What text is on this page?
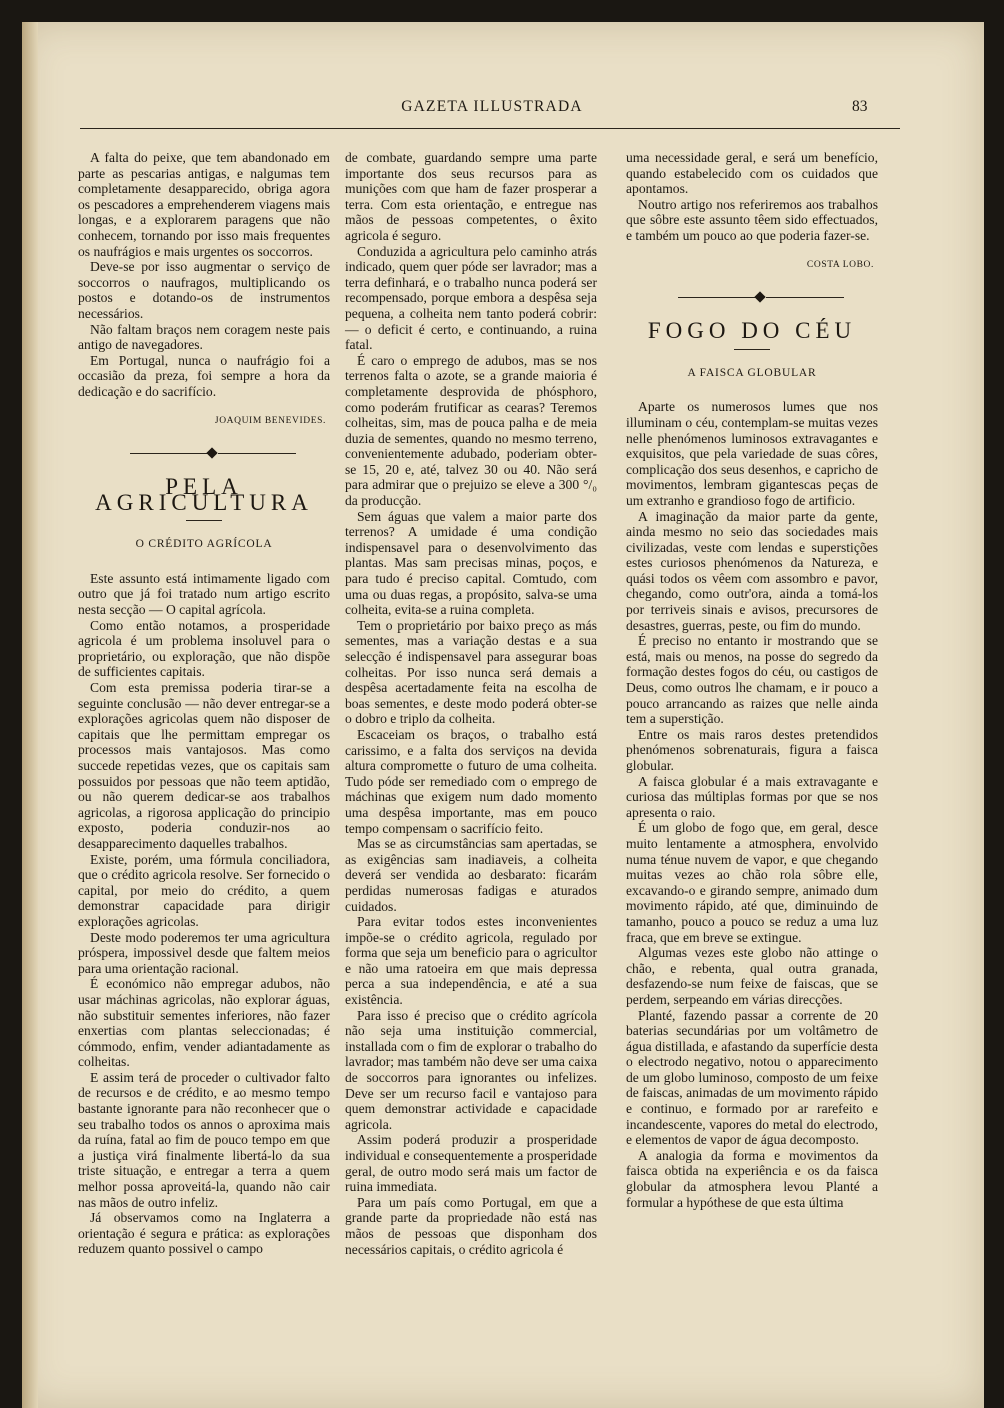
GAZETA ILLUSTRADA	83

A falta do peixe, que tem abandonado em parte as pescarias antigas, e nalgumas tem completamente desapparecido, obriga agora os pescadores a emprehenderem viagens mais longas, e a explorarem paragens que não conhecem, tornando por isso mais frequentes os naufrágios e mais urgentes os soccorros.

Deve-se por isso augmentar o serviço de soccorros o naufragos, multiplicando os postos e dotando-os de instrumentos necessários.

Não faltam braços nem coragem neste pais antigo de navegadores.

Em Portugal, nunca o naufrágio foi a occasião da preza, foi sempre a hora da dedicação e do sacrifício.

JOAQUIM BENEVIDES.
PELA AGRICULTURA
O CRÉDITO AGRÍCOLA

Este assunto está intimamente ligado com outro que já foi tratado num artigo escrito nesta secção — O capital agrícola.

Como então notamos, a prosperidade agricola é um problema insoluvel para o proprietário, ou exploração, que não dispõe de sufficientes capitais.

Com esta premissa poderia tirar-se a seguinte conclusão — não dever entregar-se a explorações agricolas quem não disposer de capitais que lhe permittam empregar os processos mais vantajosos. Mas como succede repetidas vezes, que os capitais sam possuidos por pessoas que não teem aptidão, ou não querem dedicar-se aos trabalhos agricolas, a rigorosa applicação do principio exposto, poderia conduzir-nos ao desapparecimento daquelles trabalhos.

Existe, porém, uma fórmula conciliadora, que o crédito agricola resolve. Ser fornecido o capital, por meio do crédito, a quem demonstrar capacidade para dirigir explorações agricolas.

Deste modo poderemos ter uma agricultura próspera, impossivel desde que faltem meios para uma orientação racional.

É económico não empregar adubos, não usar máchinas agricolas, não explorar águas, não substituir sementes inferiores, não fazer enxertias com plantas seleccionadas; é cómmodo, enfim, vender adiantadamente as colheitas.

E assim terá de proceder o cultivador falto de recursos e de crédito, e ao mesmo tempo bastante ignorante para não reconhecer que o seu trabalho todos os annos o aproxima mais da ruína, fatal ao fim de pouco tempo em que a justiça virá finalmente libertá-lo da sua triste situação, e entregar a terra a quem melhor possa aproveitá-la, quando não cair nas mãos de outro infeliz.

Já observamos como na Inglaterra a orientação é segura e prática: as explorações reduzem quanto possivel o campo

de combate, guardando sempre uma parte importante dos seus recursos para as munições com que ham de fazer prosperar a terra. Com esta orientação, e entregue nas mãos de pessoas competentes, o êxito agricola é seguro.

Conduzida a agricultura pelo caminho atrás indicado, quem quer póde ser lavrador; mas a terra definhará, e o trabalho nunca poderá ser recompensado, porque embora a despêsa seja pequena, a colheita nem tanto poderá cobrir: — o deficit é certo, e continuando, a ruina fatal.

É caro o emprego de adubos, mas se nos terrenos falta o azote, se a grande maioria é completamente desprovida de phósphoro, como poderám frutificar as cearas? Teremos colheitas, sim, mas de pouca palha e de meia duzia de sementes, quando no mesmo terreno, convenientemente adubado, poderiam obter-se 15, 20 e, até, talvez 30 ou 40. Não será para admirar que o prejuizo se eleve a 300 °/₀ da producção.

Sem águas que valem a maior parte dos terrenos? A umidade é uma condição indispensavel para o desenvolvimento das plantas. Mas sam precisas minas, poços, e para tudo é preciso capital. Comtudo, com uma ou duas regas, a propósito, salva-se uma colheita, evita-se a ruina completa.

Tem o proprietário por baixo preço as más sementes, mas a variação destas e a sua selecção é indispensavel para assegurar boas colheitas. Por isso nunca será demais a despêsa acertadamente feita na escolha de boas sementes, e deste modo poderá obter-se o dobro e triplo da colheita.

Escaceiam os braços, o trabalho está carissimo, e a falta dos serviços na devida altura compromette o futuro de uma colheita. Tudo póde ser remediado com o emprego de máchinas que exigem num dado momento uma despêsa importante, mas em pouco tempo compensam o sacrifício feito.

Mas se as circumstâncias sam apertadas, se as exigências sam inadiaveis, a colheita deverá ser vendida ao desbarato: ficarám perdidas numerosas fadigas e aturados cuidados.

Para evitar todos estes inconvenientes impõe-se o crédito agricola, regulado por forma que seja um beneficio para o agricultor e não uma ratoeira em que mais depressa perca a sua independência, e até a sua existência.

Para isso é preciso que o crédito agrícola não seja uma instituição commercial, installada com o fim de explorar o trabalho do lavrador; mas também não deve ser uma caixa de soccorros para ignorantes ou infelizes. Deve ser um recurso facil e vantajoso para quem demonstrar actividade e capacidade agricola.

Assim poderá produzir a prosperidade individual e consequentemente a prosperidade geral, de outro modo será mais um factor de ruina immediata.

Para um país como Portugal, em que a grande parte da propriedade não está nas mãos de pessoas que disponham dos necessários capitais, o crédito agricola é

uma necessidade geral, e será um benefício, quando estabelecido com os cuidados que apontamos.

Noutro artigo nos referiremos aos trabalhos que sôbre este assunto têem sido effectuados, e também um pouco ao que poderia fazer-se.

COSTA LOBO.
FOGO DO CÉU
A FAISCA GLOBULAR

Aparte os numerosos lumes que nos illuminam o céu, contemplam-se muitas vezes nelle phenómenos luminosos extravagantes e exquisitos, que pela variedade de suas côres, complicação dos seus desenhos, e capricho de movimentos, lembram gigantescas peças de um extranho e grandioso fogo de artificio.

A imaginação da maior parte da gente, ainda mesmo no seio das sociedades mais civilizadas, veste com lendas e superstições estes curiosos phenómenos da Natureza, e quási todos os vêem com assombro e pavor, chegando, como outr'ora, ainda a tomá-los por terriveis sinais e avisos, precursores de desastres, guerras, peste, ou fim do mundo.

É preciso no entanto ir mostrando que se está, mais ou menos, na posse do segredo da formação destes fogos do céu, ou castigos de Deus, como outros lhe chamam, e ir pouco a pouco arrancando as raizes que nelle ainda tem a superstição.

Entre os mais raros destes pretendidos phenómenos sobrenaturais, figura a faisca globular.

A faisca globular é a mais extravagante e curiosa das múltiplas formas por que se nos apresenta o raio.

É um globo de fogo que, em geral, desce muito lentamente a atmosphera, envolvido numa ténue nuvem de vapor, e que chegando muitas vezes ao chão rola sôbre elle, excavando-o e girando sempre, animado dum movimento rápido, até que, diminuindo de tamanho, pouco a pouco se reduz a uma luz fraca, que em breve se extingue.

Algumas vezes este globo não attinge o chão, e rebenta, qual outra granada, desfazendo-se num feixe de faiscas, que se perdem, serpeando em várias direcções.

Planté, fazendo passar a corrente de 20 baterias secundárias por um voltâmetro de água distillada, e afastando da superfície desta o electrodo negativo, notou o apparecimento de um globo luminoso, composto de um feixe de faiscas, animadas de um movimento rápido e continuo, e formado por ar rarefeito e incandescente, vapores do metal do electrodo, e elementos de vapor de água decomposto.

A analogia da forma e movimentos da faisca obtida na experiência e os da faisca globular da atmosphera levou Planté a formular a hypóthese de que esta última
